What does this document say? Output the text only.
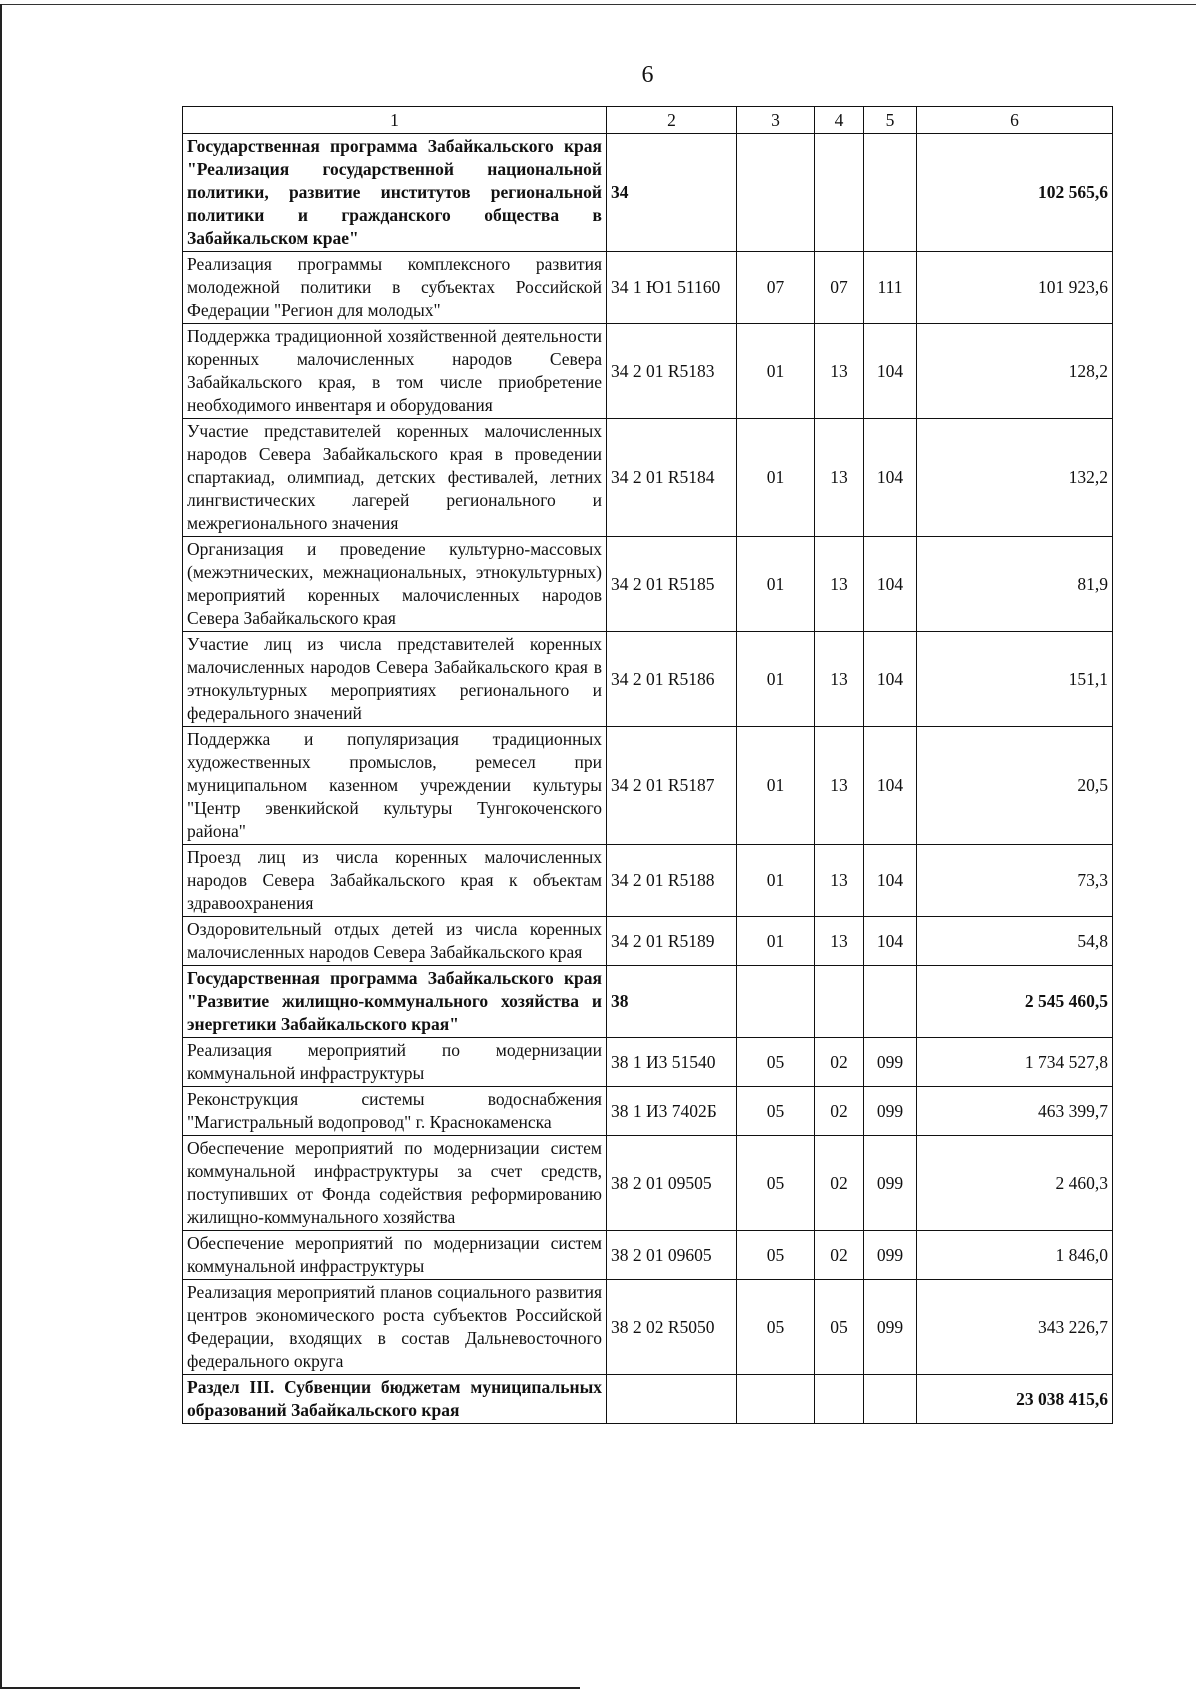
6
1	2	3	4	5	6
Государственная программа Забайкальского края "Реализация государственной национальной политики, развитие институтов региональной политики и гражданского общества в Забайкальском крае"	34				102 565,6
Реализация программы комплексного развития молодежной политики в субъектах Российской Федерации "Регион для молодых"	34 1 Ю1 51160	07	07	111	101 923,6
Поддержка традиционной хозяйственной деятельности коренных малочисленных народов Севера Забайкальского края, в том числе приобретение необходимого инвентаря и оборудования	34 2 01 R5183	01	13	104	128,2
Участие представителей коренных малочисленных народов Севера Забайкальского края в проведении спартакиад, олимпиад, детских фестивалей, летних лингвистических лагерей регионального и межрегионального значения	34 2 01 R5184	01	13	104	132,2
Организация и проведение культурно-массовых (межэтнических, межнациональных, этнокультурных) мероприятий коренных малочисленных народов Севера Забайкальского края	34 2 01 R5185	01	13	104	81,9
Участие лиц из числа представителей коренных малочисленных народов Севера Забайкальского края в этнокультурных мероприятиях регионального и федерального значений	34 2 01 R5186	01	13	104	151,1
Поддержка и популяризация традиционных художественных промыслов, ремесел при муниципальном казенном учреждении культуры "Центр эвенкийской культуры Тунгокоченского района"	34 2 01 R5187	01	13	104	20,5
Проезд лиц из числа коренных малочисленных народов Севера Забайкальского края к объектам здравоохранения	34 2 01 R5188	01	13	104	73,3
Оздоровительный отдых детей из числа коренных малочисленных народов Севера Забайкальского края	34 2 01 R5189	01	13	104	54,8
Государственная программа Забайкальского края "Развитие жилищно-коммунального хозяйства и энергетики Забайкальского края"	38				2 545 460,5
Реализация мероприятий по модернизации коммунальной инфраструктуры	38 1 И3 51540	05	02	099	1 734 527,8
Реконструкция системы водоснабжения "Магистральный водопровод" г. Краснокаменска	38 1 И3 7402Б	05	02	099	463 399,7
Обеспечение мероприятий по модернизации систем коммунальной инфраструктуры за счет средств, поступивших от Фонда содействия реформированию жилищно-коммунального хозяйства	38 2 01 09505	05	02	099	2 460,3
Обеспечение мероприятий по модернизации систем коммунальной инфраструктуры	38 2 01 09605	05	02	099	1 846,0
Реализация мероприятий планов социального развития центров экономического роста субъектов Российской Федерации, входящих в состав Дальневосточного федерального округа	38 2 02 R5050	05	05	099	343 226,7
Раздел III. Субвенции бюджетам муниципальных образований Забайкальского края					23 038 415,6
